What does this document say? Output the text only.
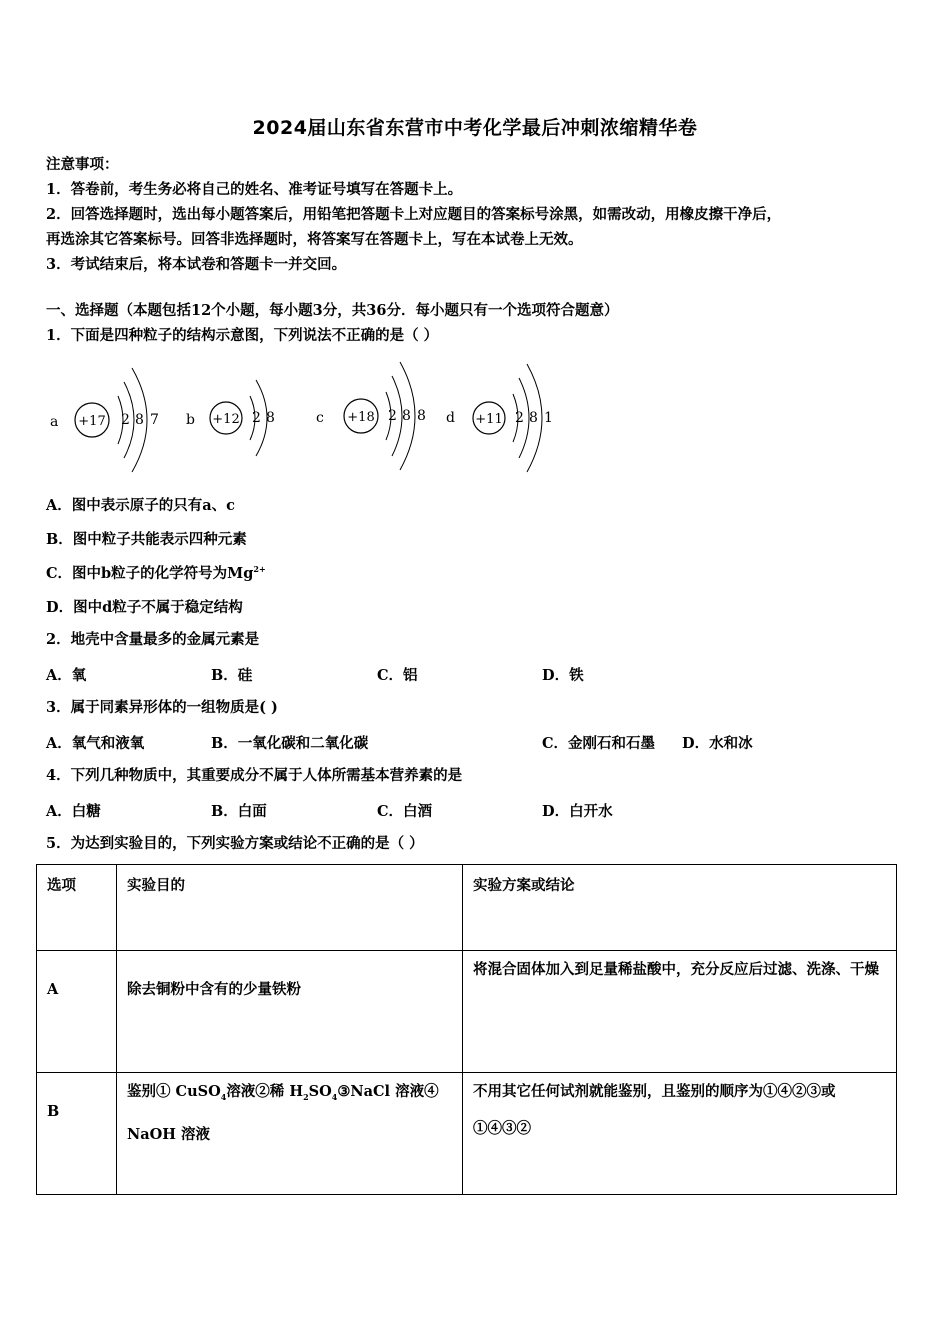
2024届山东省东营市中考化学最后冲刺浓缩精华卷
注意事项：
1．答卷前，考生务必将自己的姓名、准考证号填写在答题卡上。
2．回答选择题时，选出每小题答案后，用铅笔把答题卡上对应题目的答案标号涂黑，如需改动，用橡皮擦干净后，
再选涂其它答案标号。回答非选择题时，将答案写在答题卡上，写在本试卷上无效。
3．考试结束后，将本试卷和答题卡一并交回。
一、选择题（本题包括12个小题，每小题3分，共36分．每小题只有一个选项符合题意）
1．下面是四种粒子的结构示意图，下列说法不正确的是（ ）
a +17 2 8 7 b +12 2 8	c +18 2 8 8 d +11 2 8 1
A．图中表示原子的只有a、c
B．图中粒子共能表示四种元素
C．图中b粒子的化学符号为$Mg^{2+}$
D．图中d粒子不属于稳定结构
2．地壳中含量最多的金属元素是
A．氧	B．硅	C．铝	D．铁
3．属于同素异形体的一组物质是( )
A．氧气和液氧	B．一氧化碳和二氧化碳	C．金刚石和石墨 D．水和冰
4．下列几种物质中，其重要成分不属于人体所需基本营养素的是
A．白糖	B．白面	C．白酒	D．白开水
5．为达到实验目的，下列实验方案或结论不正确的是（ ）
选项	实验目的	实验方案或结论
A	除去铜粉中含有的少量铁粉	将混合固体加入到足量稀盐酸中，充分反应后过滤、洗涤、干燥
B	鉴别① CuSO$_4$溶液②稀 $H_2SO_4③NaCl$ 溶液④ NaOH 溶液	不用其它任何试剂就能鉴别，且鉴别的顺序为①④②③或①④③②
